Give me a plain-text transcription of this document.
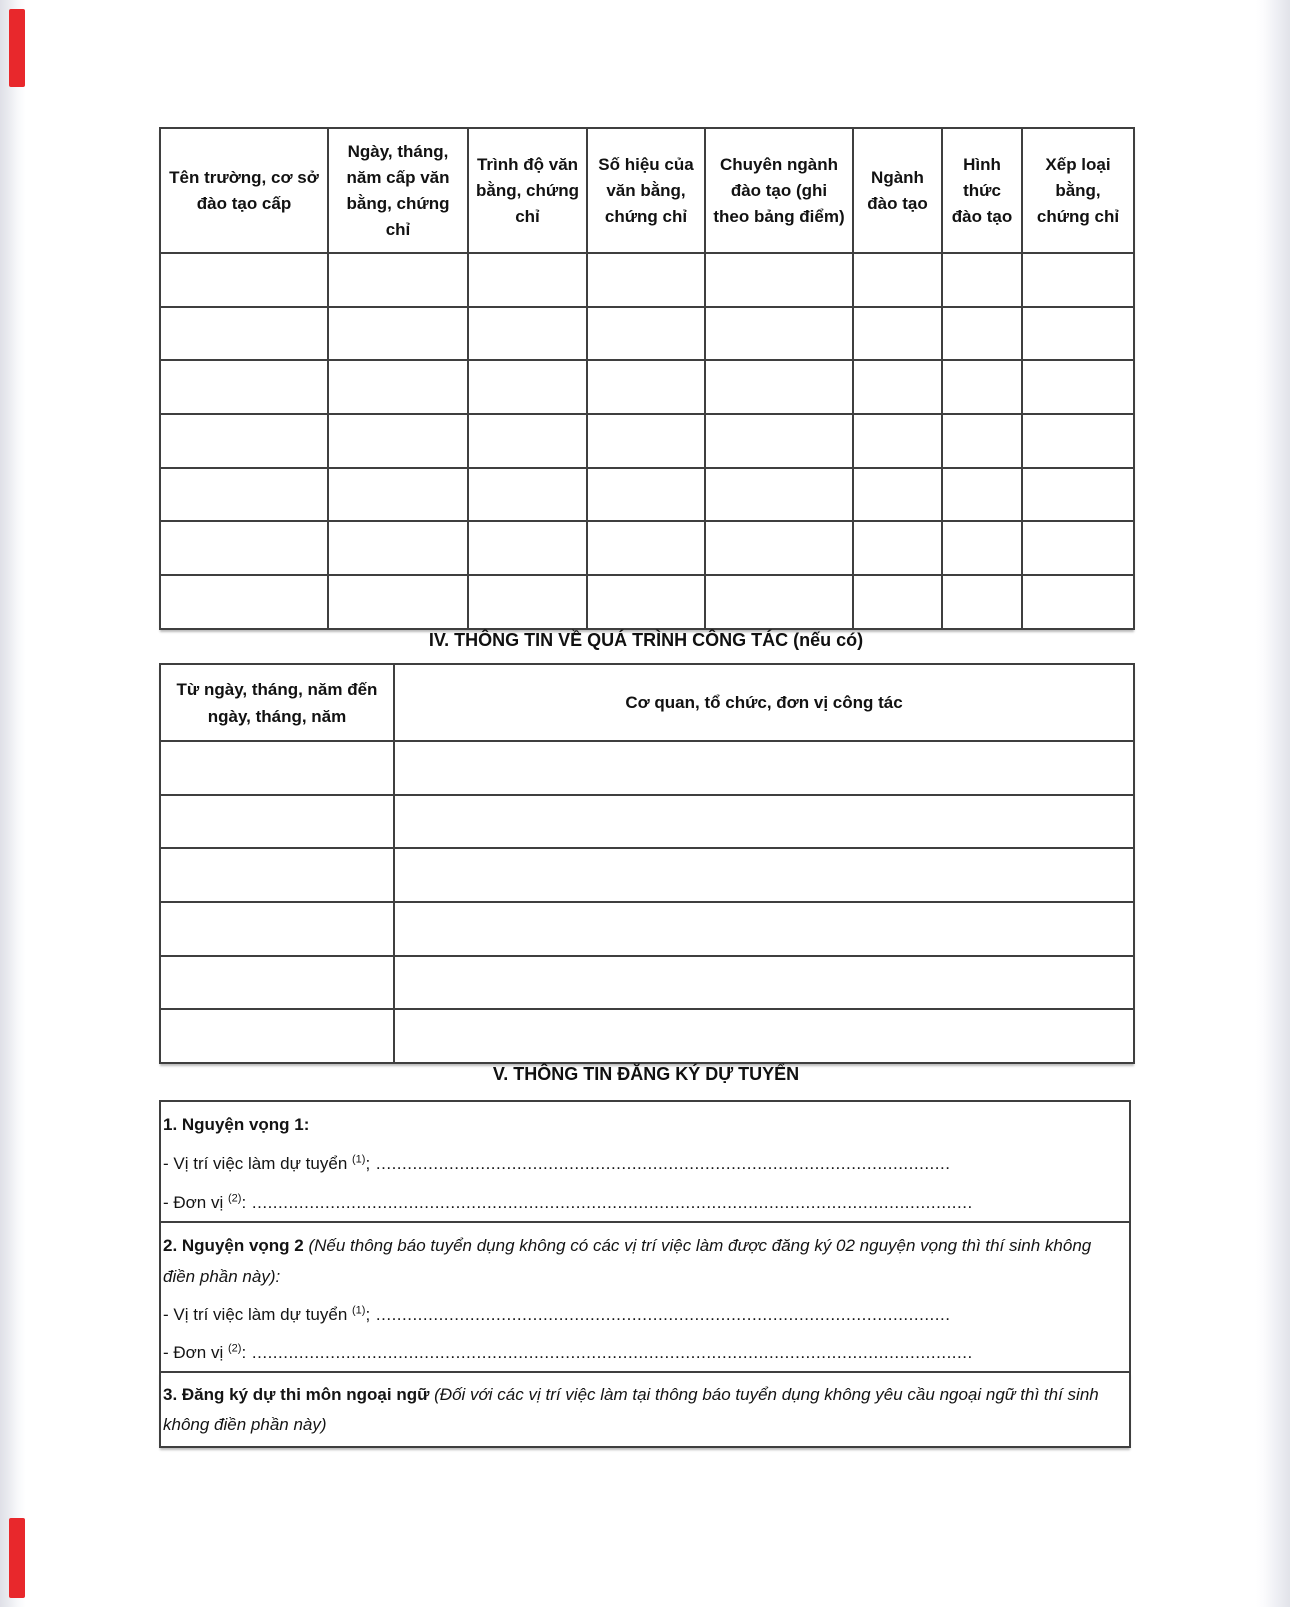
Tên trường, cơ sở đào tạo cấp	Ngày, tháng, năm cấp văn bằng, chứng chỉ	Trình độ văn bằng, chứng chỉ	Số hiệu của văn bằng, chứng chỉ	Chuyên ngành đào tạo (ghi theo bảng điểm)	Ngành đào tạo	Hình thức đào tạo	Xếp loại bằng, chứng chỉ

IV. THÔNG TIN VỀ QUÁ TRÌNH CÔNG TÁC (nếu có)
Từ ngày, tháng, năm đến ngày, tháng, năm	Cơ quan, tổ chức, đơn vị công tác

V. THÔNG TIN ĐĂNG KÝ DỰ TUYỂN
1. Nguyện vọng 1:
- Vị trí việc làm dự tuyển $^{(1)}$; ..............................................................................................................
- Đơn vị $^{(2)}$: ..........................................................................................................................................
2. Nguyện vọng 2 (Nếu thông báo tuyển dụng không có các vị trí việc làm được đăng ký 02 nguyện vọng thì thí sinh không điền phần này):
- Vị trí việc làm dự tuyển $^{(1)}$; ..............................................................................................................
- Đơn vị $^{(2)}$: ..........................................................................................................................................
3. Đăng ký dự thi môn ngoại ngữ (Đối với các vị trí việc làm tại thông báo tuyển dụng không yêu cầu ngoại ngữ thì thí sinh không điền phần này)
